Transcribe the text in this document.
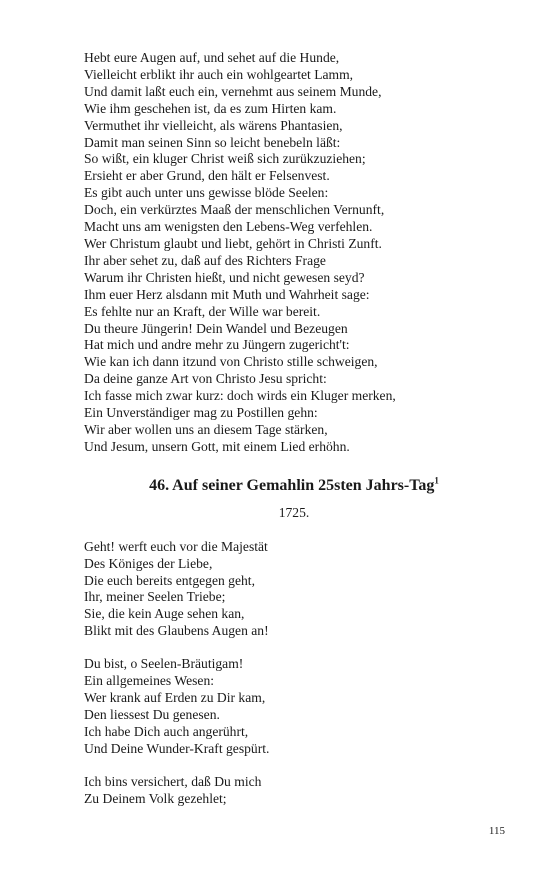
Hebt eure Augen auf, und sehet auf die Hunde,
Vielleicht erblikt ihr auch ein wohlgeartet Lamm,
Und damit laßt euch ein, vernehmt aus seinem Munde,
Wie ihm geschehen ist, da es zum Hirten kam.
Vermuthet ihr vielleicht, als wärens Phantasien,
Damit man seinen Sinn so leicht benebeln läßt:
So wißt, ein kluger Christ weiß sich zurükzuziehen;
Ersieht er aber Grund, den hält er Felsenvest.
Es gibt auch unter uns gewisse blöde Seelen:
Doch, ein verkürztes Maaß der menschlichen Vernunft,
Macht uns am wenigsten den Lebens-Weg verfehlen.
Wer Christum glaubt und liebt, gehört in Christi Zunft.
Ihr aber sehet zu, daß auf des Richters Frage
Warum ihr Christen hießt, und nicht gewesen seyd?
Ihm euer Herz alsdann mit Muth und Wahrheit sage:
Es fehlte nur an Kraft, der Wille war bereit.
Du theure Jüngerin! Dein Wandel und Bezeugen
Hat mich und andre mehr zu Jüngern zugericht't:
Wie kan ich dann itzund von Christo stille schweigen,
Da deine ganze Art von Christo Jesu spricht:
Ich fasse mich zwar kurz: doch wirds ein Kluger merken,
Ein Unverständiger mag zu Postillen gehn:
Wir aber wollen uns an diesem Tage stärken,
Und Jesum, unsern Gott, mit einem Lied erhöhn.
46. Auf seiner Gemahlin 25sten Jahrs-Tag$^1$
1725.
Geht! werft euch vor die Majestät
Des Königes der Liebe,
Die euch bereits entgegen geht,
Ihr, meiner Seelen Triebe;
Sie, die kein Auge sehen kan,
Blikt mit des Glaubens Augen an!
Du bist, o Seelen-Bräutigam!
Ein allgemeines Wesen:
Wer krank auf Erden zu Dir kam,
Den liessest Du genesen.
Ich habe Dich auch angerührt,
Und Deine Wunder-Kraft gespürt.
Ich bins versichert, daß Du mich
Zu Deinem Volk gezehlet;
115
